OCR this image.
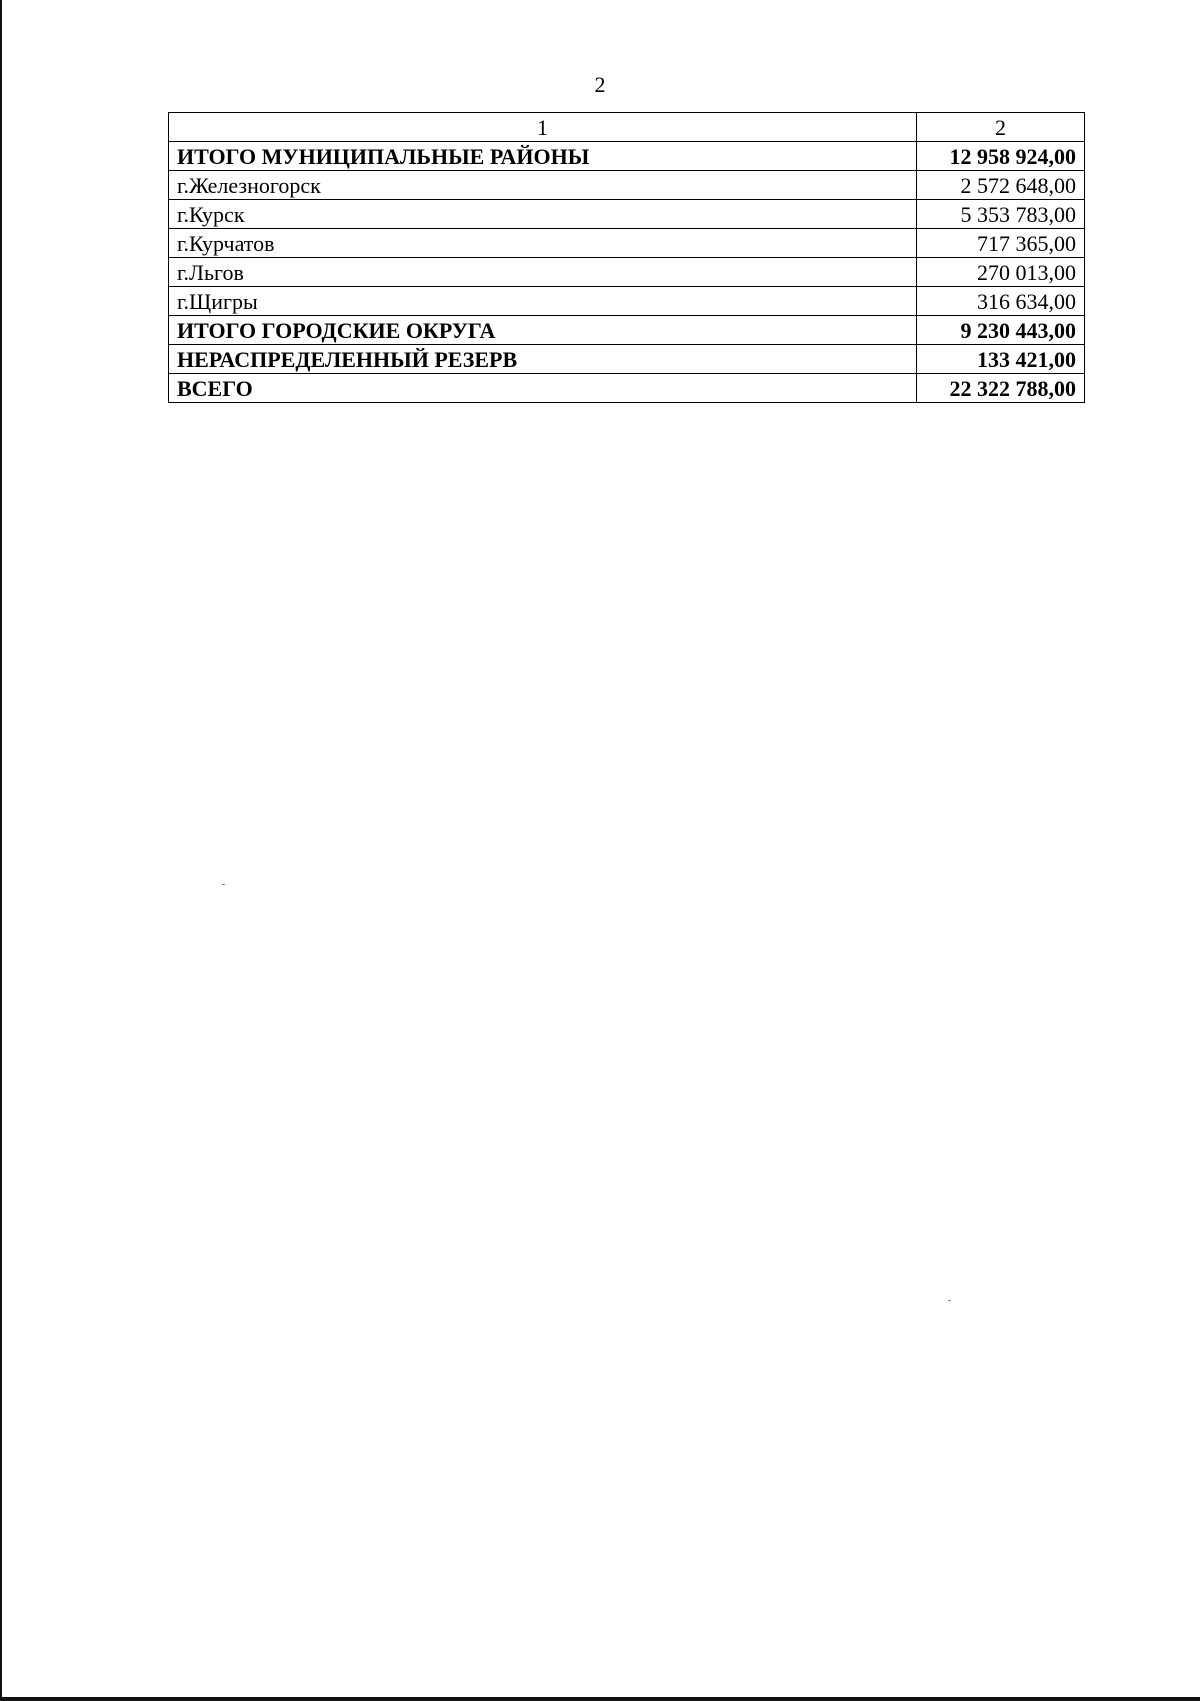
2
1	2
ИТОГО МУНИЦИПАЛЬНЫЕ РАЙОНЫ	12 958 924,00
г.Железногорск	2 572 648,00
г.Курск	5 353 783,00
г.Курчатов	717 365,00
г.Льгов	270 013,00
г.Щигры	316 634,00
ИТОГО ГОРОДСКИЕ ОКРУГА	9 230 443,00
НЕРАСПРЕДЕЛЕННЫЙ РЕЗЕРВ	133 421,00
ВСЕГО	22 322 788,00
